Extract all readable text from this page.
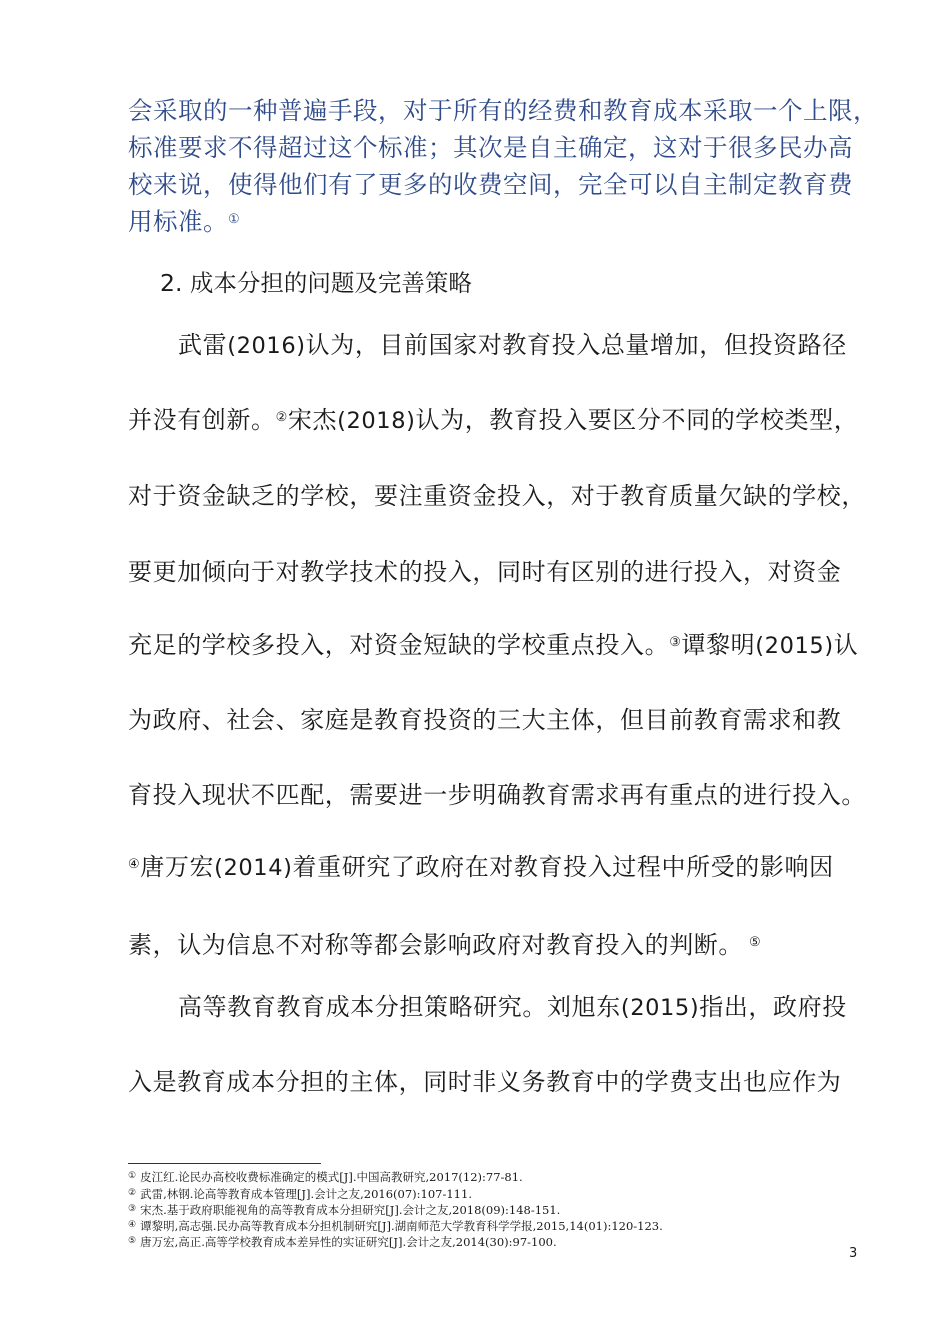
会采取的一种普遍手段，对于所有的经费和教育成本采取一个上限，
标准要求不得超过这个标准；其次是自主确定，这对于很多民办高
校来说，使得他们有了更多的收费空间，完全可以自主制定教育费
用标准。①
2. 成本分担的问题及完善策略
武雷(2016)认为，目前国家对教育投入总量增加，但投资路径
并没有创新。②宋杰(2018)认为，教育投入要区分不同的学校类型，
对于资金缺乏的学校，要注重资金投入，对于教育质量欠缺的学校，
要更加倾向于对教学技术的投入，同时有区别的进行投入，对资金
充足的学校多投入，对资金短缺的学校重点投入。③谭黎明(2015)认
为政府、社会、家庭是教育投资的三大主体，但目前教育需求和教
育投入现状不匹配，需要进一步明确教育需求再有重点的进行投入。
④唐万宏(2014)着重研究了政府在对教育投入过程中所受的影响因
素，认为信息不对称等都会影响政府对教育投入的判断。 ⑤
高等教育教育成本分担策略研究。刘旭东(2015)指出，政府投
入是教育成本分担的主体，同时非义务教育中的学费支出也应作为
① 皮江红.论民办高校收费标准确定的模式[J].中国高教研究,2017(12):77-81.
② 武雷,林钢.论高等教育成本管理[J].会计之友,2016(07):107-111.
③ 宋杰.基于政府职能视角的高等教育成本分担研究[J].会计之友,2018(09):148-151.
④ 谭黎明,高志强.民办高等教育成本分担机制研究[J].湖南师范大学教育科学学报,2015,14(01):120-123.
⑤ 唐万宏,高正.高等学校教育成本差异性的实证研究[J].会计之友,2014(30):97-100.
3
